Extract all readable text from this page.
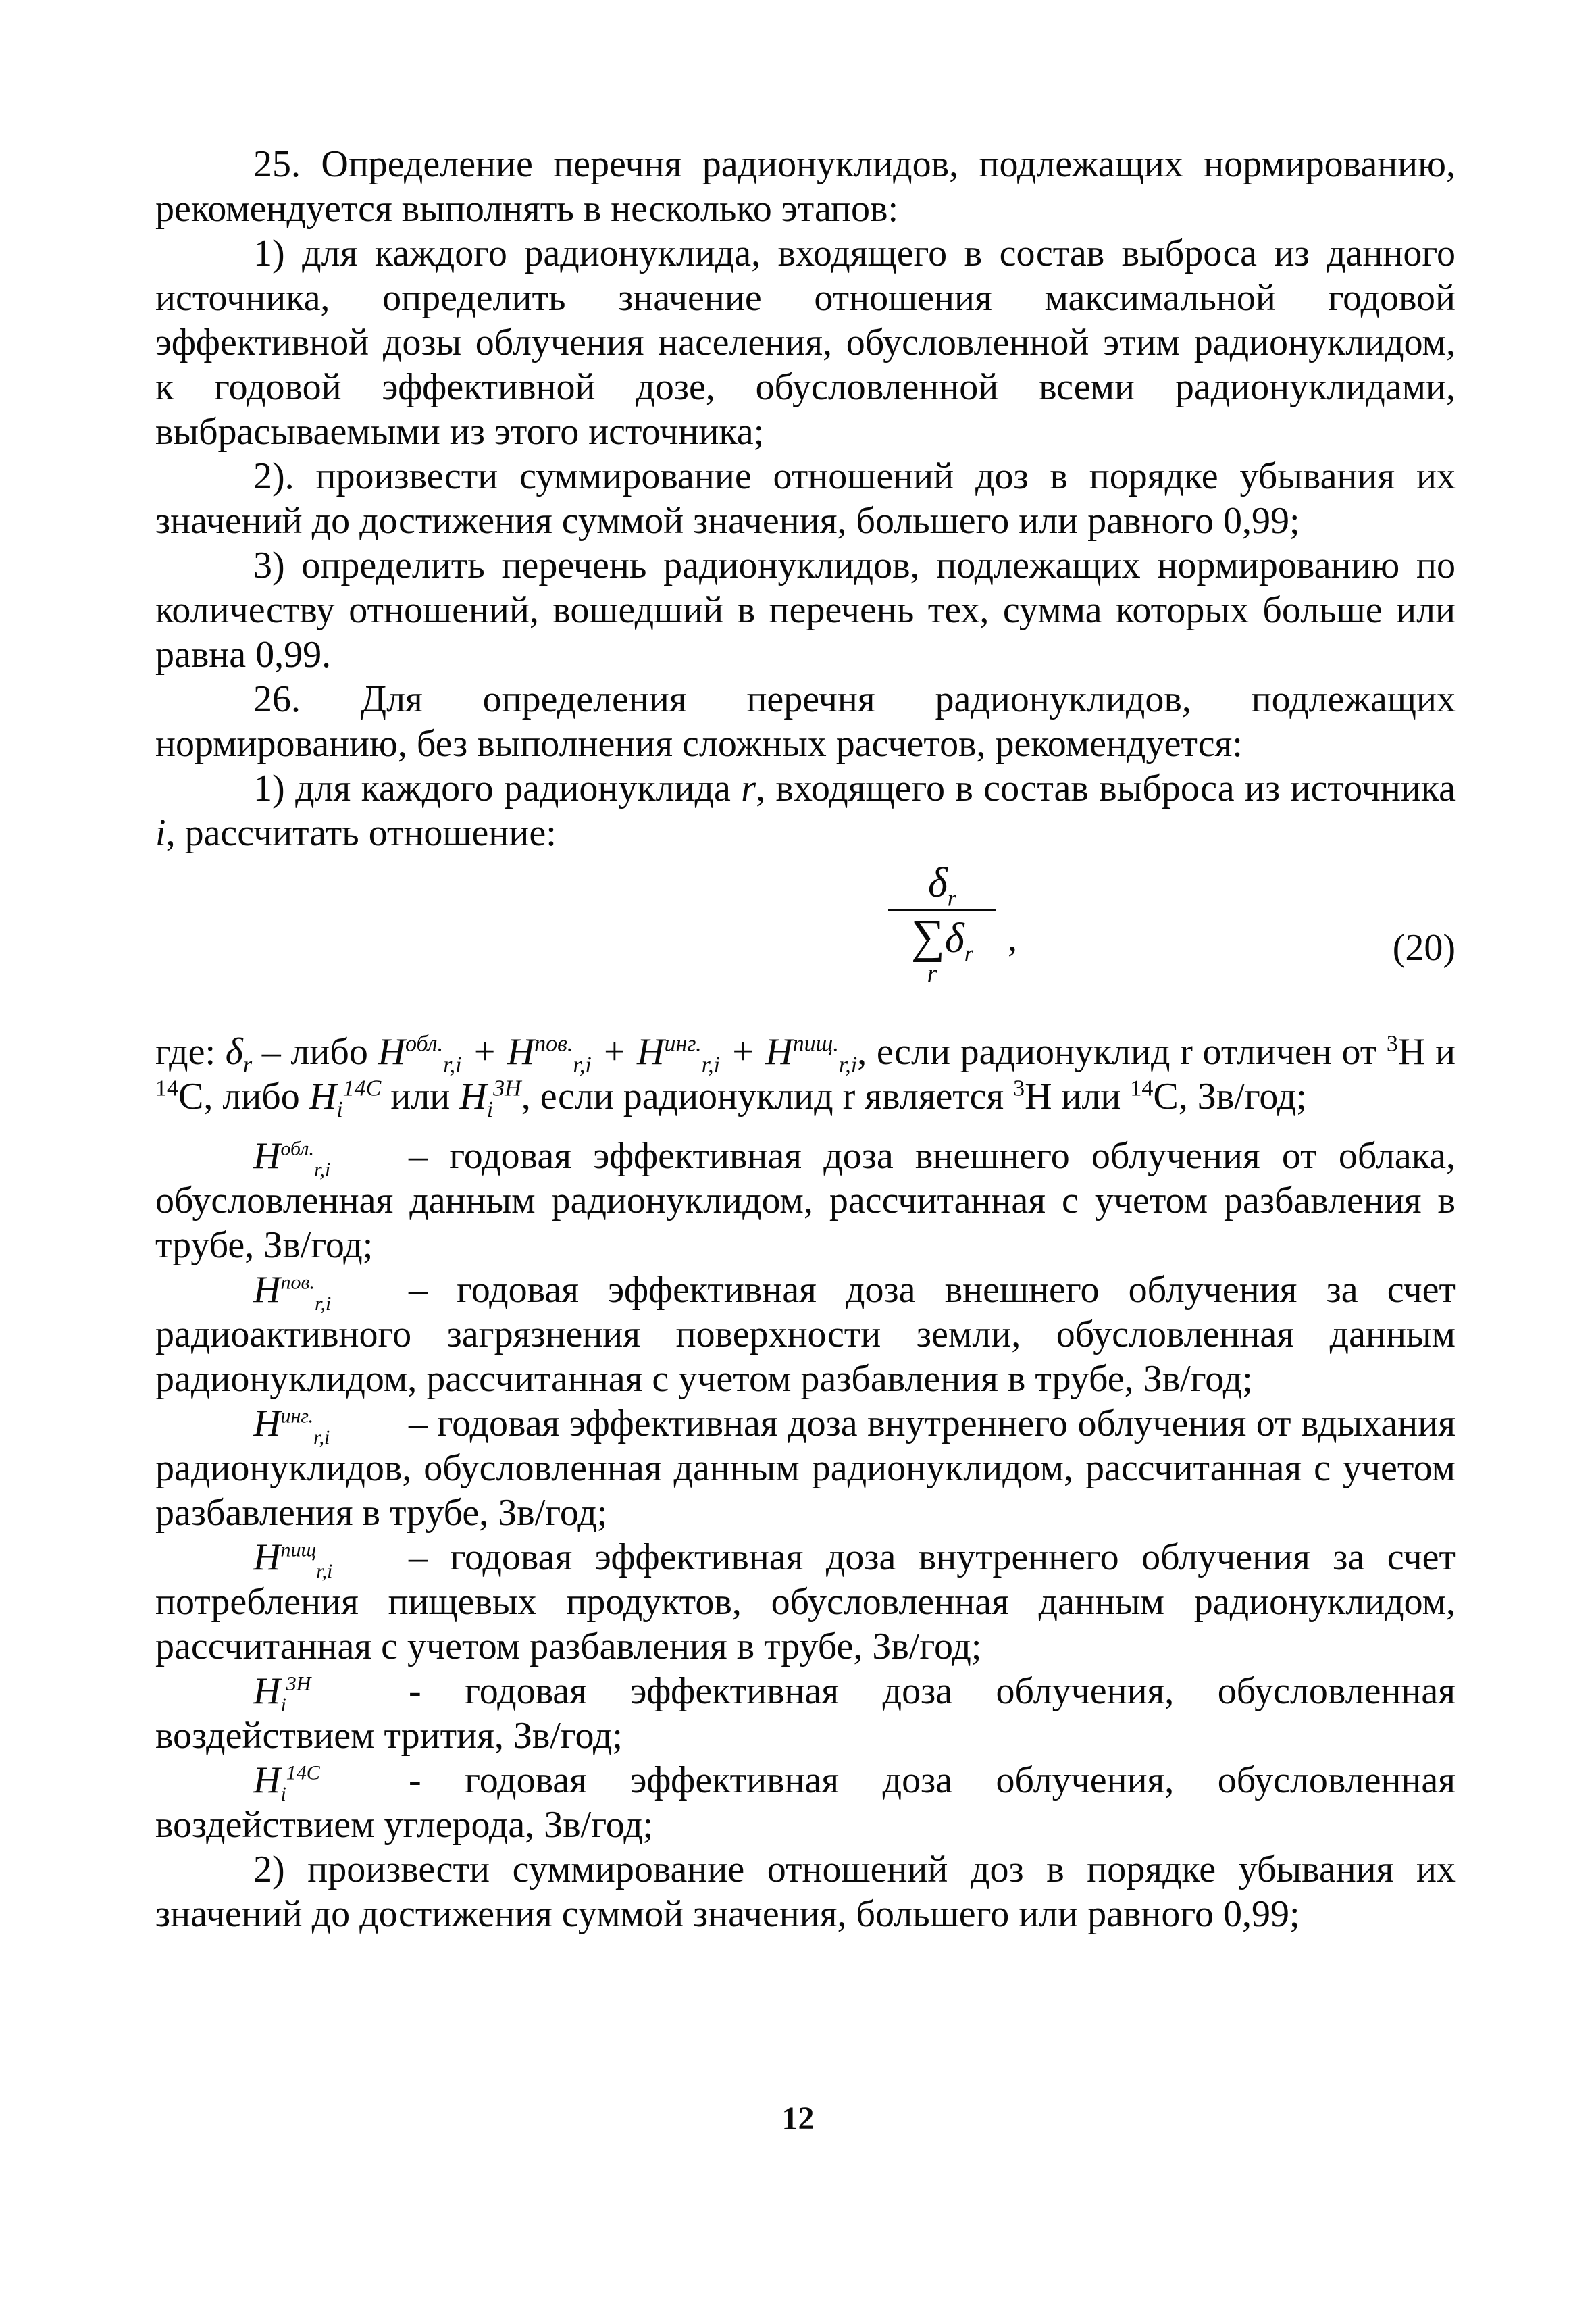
25. Определение перечня радионуклидов, подлежащих нормированию, рекомендуется выполнять в несколько этапов:

1) для каждого радионуклида, входящего в состав выброса из данного источника, определить значение отношения максимальной годовой эффективной дозы облучения населения, обусловленной этим радионуклидом, к годовой эффективной дозе, обусловленной всеми радионуклидами, выбрасываемыми из этого источника;

2). произвести суммирование отношений доз в порядке убывания их значений до достижения суммой значения, большего или равного 0,99;

3) определить перечень радионуклидов, подлежащих нормированию по количеству отношений, вошедший в перечень тех, сумма которых больше или равна 0,99.

26. Для определения перечня радионуклидов, подлежащих нормированию, без выполнения сложных расчетов, рекомендуется:

1) для каждого радионуклида r, входящего в состав выброса из источника i, рассчитать отношение:

$\delta_r$
$\sum\delta_r$
r
,	(20)

где: $\delta_r$ – либо $H^{обл.}_{r,i} + H^{пов.}_{r,i} + H^{инг.}_{r,i} + H^{пищ.}_{r,i}$, если радионуклид r отличен от $^3$H и $^{14}$C, либо $H_i^{14C}$ или $H_i^{3H}$, если радионуклид r является $^3$H или $^{14}$C, Зв/год;

$H^{обл.}_{r,i}$ – годовая эффективная доза внешнего облучения от облака, обусловленная данным радионуклидом, рассчитанная с учетом разбавления в трубе, Зв/год;

$H^{пов.}_{r,i}$ – годовая эффективная доза внешнего облучения за счет радиоактивного загрязнения поверхности земли, обусловленная данным радионуклидом, рассчитанная с учетом разбавления в трубе, Зв/год;

$H^{инг.}_{r,i}$ – годовая эффективная доза внутреннего облучения от вдыхания радионуклидов, обусловленная данным радионуклидом, рассчитанная с учетом разбавления в трубе, Зв/год;

$H^{пищ}_{r,i}$ – годовая эффективная доза внутреннего облучения за счет потребления пищевых продуктов, обусловленная данным радионуклидом, рассчитанная с учетом разбавления в трубе, Зв/год;

$H_i^{3H}$	- годовая эффективная доза облучения, обусловленная воздействием трития, Зв/год;

$H_i^{14C}$ - годовая эффективная доза облучения, обусловленная воздействием углерода, Зв/год;

2) произвести суммирование отношений доз в порядке убывания их значений до достижения суммой значения, большего или равного 0,99;

12
